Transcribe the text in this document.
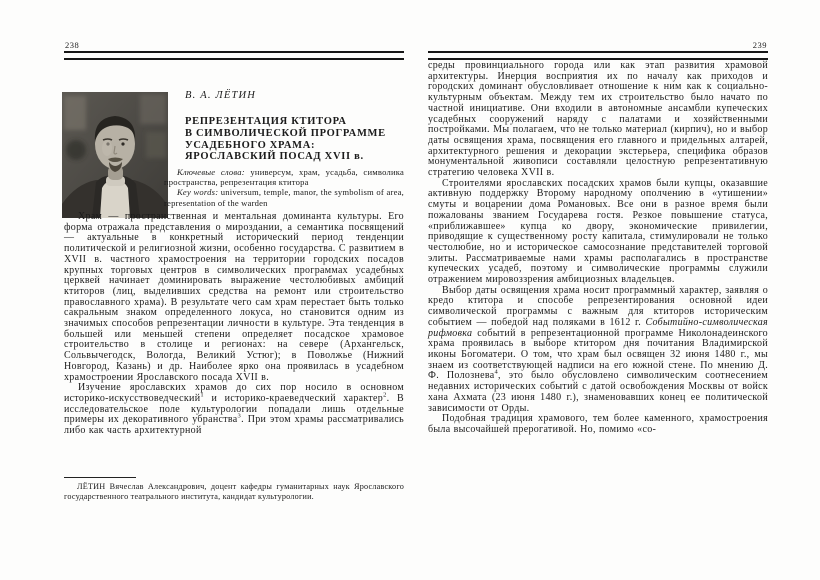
238
В. А. ЛЁТИН
РЕПРЕЗЕНТАЦИЯ КТИТОРА
В СИМВОЛИЧЕСКОЙ ПРОГРАММЕ
УСАДЕБНОГО ХРАМА:
ЯРОСЛАВСКИЙ ПОСАД XVII в.

Ключевые слова: универсум, храм, усадьба, символика пространства, репрезентация ктитора

Key words: universum, temple, manor, the symbolism of area, representation of the warden

Храм — пространственная и ментальная доминанта культуры. Его форма отражала представления о мироздании, а семантика посвящений — актуальные в конкретный исторический период тенденции политической и религиозной жизни, особенно государства. С развитием в XVII в. частного храмостроения на территории городских посадов крупных торговых центров в символических программах усадебных церквей начинает доминировать выражение честолюбивых амбиций ктиторов (лиц, выделивших средства на ремонт или строительство православного храма). В результате чего сам храм перестает быть только сакральным знаком определенного локуса, но становится одним из значимых способов репрезентации личности в культуре. Эта тенденция в большей или меньшей степени определяет посадское храмовое строительство в столице и регионах: на севере (Архангельск, Сольвычегодск, Вологда, Великий Устюг); в Поволжье (Нижний Новгород, Казань) и др. Наиболее ярко она проявилась в усадебном храмостроении Ярославского посада XVII в.

Изучение ярославских храмов до сих пор носило в основном историко-искусствоведческий$^1$ и историко-краеведческий характер$^2$. В исследовательское поле культурологии попадали лишь отдельные примеры их декоративного убранства$^3$. При этом храмы рассматривались либо как часть архитектурной

ЛЁТИН Вячеслав Александрович, доцент кафедры гуманитарных наук Ярославского государственного театрального института, кандидат культурологии.

239

среды провинциального города или как этап развития храмовой архитектуры. Инерция восприятия их по началу как приходов и городских доминант обусловливает отношение к ним как к социально-культурным объектам. Между тем их строительство было начато по частной инициативе. Они входили в автономные ансамбли купеческих усадебных сооружений наряду с палатами и хозяйственными постройками. Мы полагаем, что не только материал (кирпич), но и выбор даты освящения храма, посвящения его главного и придельных алтарей, архитектурного решения и декорации экстерьера, специфика образов монументальной живописи составляли целостную репрезентативную стратегию человека XVII в.

Строителями ярославских посадских храмов были купцы, оказавшие активную поддержку Второму народному ополчению в «утишении» смуты и воцарении дома Романовых. Все они в разное время были пожалованы званием Государева гостя. Резкое повышение статуса, «приближавшее» купца ко двору, экономические привилегии, приводящие к существенному росту капитала, стимулировали не только честолюбие, но и историческое самосознание представителей торговой элиты. Рассматриваемые нами храмы располагались в пространстве купеческих усадеб, поэтому и символические программы служили отражением мировоззрения амбициозных владельцев.

Выбор даты освящения храма носит программный характер, заявляя о кредо ктитора и способе репрезентирования основной идеи символической программы с важным для ктиторов историческим событием — победой над поляками в 1612 г. Событийно-символическая рифмовка событий в репрезентационной программе Николонадеинского храма проявилась в выборе ктитором дня почитания Владимирской иконы Богоматери. О том, что храм был освящен 32 июня 1480 г., мы знаем из соответствующей надписи на его южной стене. По мнению Д. Ф. Полознева$^4$, это было обусловлено символическим соотнесением недавних исторических событий с датой освобождения Москвы от войск хана Ахмата (23 июня 1480 г.), знаменовавших конец ее политической зависимости от Орды.

Подобная традиция храмового, тем более каменного, храмостроения была высочайшей прерогативой. Но, помимо «со-
